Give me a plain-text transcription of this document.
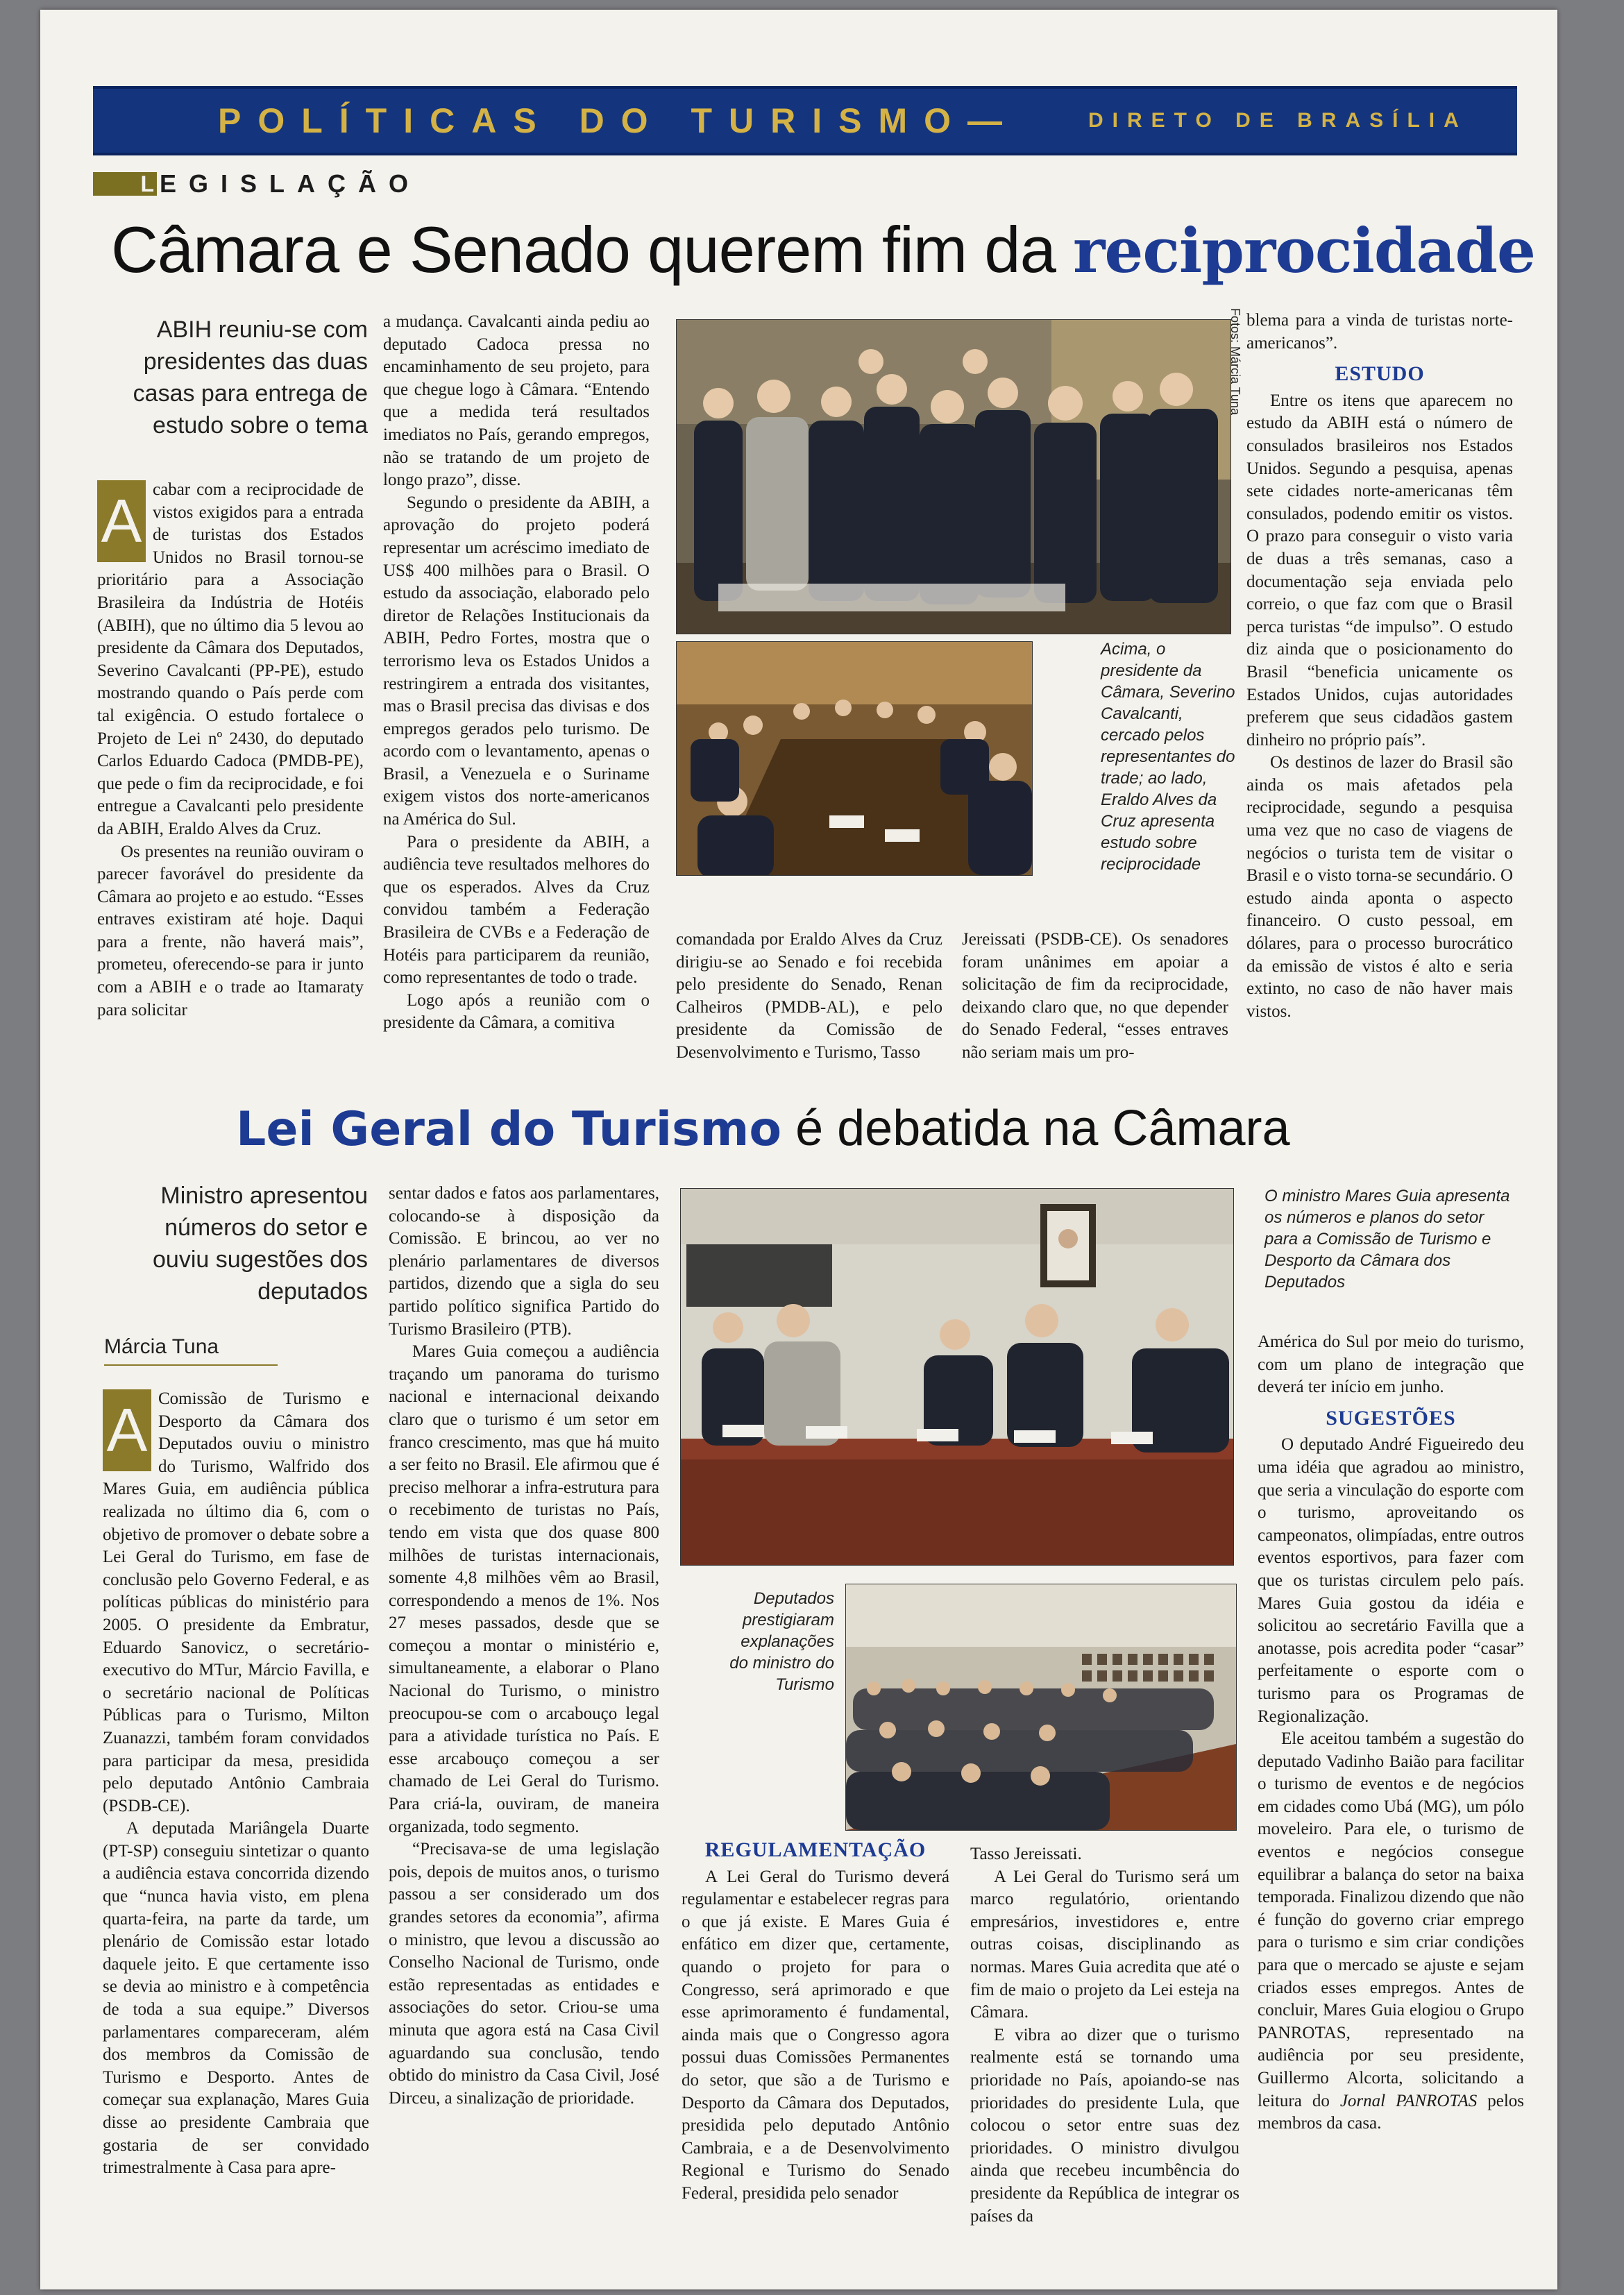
POLÍTICAS DO TURISMO—	DIRETO DE BRASÍLIA
L EGISLAÇÃO
Câmara e Senado querem fim da reciprocidade
ABIH reuniu-se com presidentes das duas casas para entrega de estudo sobre o tema
A cabar com a reciprocidade de vistos exigidos para a entrada de turistas dos Estados Unidos no Brasil tornou-se prioritário para a Associação Brasileira da Indústria de Hotéis (ABIH), que no último dia 5 levou ao presidente da Câmara dos Deputados, Severino Cavalcanti (PP-PE), estudo mostrando quando o País perde com tal exigência. O estudo fortalece o Projeto de Lei nº 2430, do deputado Carlos Eduardo Cadoca (PMDB-PE), que pede o fim da reciprocidade, e foi entregue a Cavalcanti pelo presidente da ABIH, Eraldo Alves da Cruz.

Os presentes na reunião ouviram o parecer favorável do presidente da Câmara ao projeto e ao estudo. “Esses entraves existiram até hoje. Daqui para a frente, não haverá mais”, prometeu, oferecendo-se para ir junto com a ABIH e o trade ao Itamaraty para solicitar

a mudança. Cavalcanti ainda pediu ao deputado Cadoca pressa no encaminhamento de seu projeto, para que chegue logo à Câmara. “Entendo que a medida terá resultados imediatos no País, gerando empregos, não se tratando de um projeto de longo prazo”, disse.

Segundo o presidente da ABIH, a aprovação do projeto poderá representar um acréscimo imediato de US$ 400 milhões para o Brasil. O estudo da associação, elaborado pelo diretor de Relações Institucionais da ABIH, Pedro Fortes, mostra que o terrorismo leva os Estados Unidos a restringirem a entrada dos visitantes, mas o Brasil precisa das divisas e dos empregos gerados pelo turismo. De acordo com o levantamento, apenas o Brasil, a Venezuela e o Suriname exigem vistos dos norte-americanos na América do Sul.

Para o presidente da ABIH, a audiência teve resultados melhores do que os esperados. Alves da Cruz convidou também a Federação Brasileira de CVBs e a Federação de Hotéis para participarem da reunião, como representantes de todo o trade.

Logo após a reunião com o presidente da Câmara, a comitiva

Fotos: Márcia Tuna
Acima, o presidente da Câmara, Severino Cavalcanti, cercado pelos representantes do trade; ao lado, Eraldo Alves da Cruz apresenta estudo sobre reciprocidade

comandada por Eraldo Alves da Cruz dirigiu-se ao Senado e foi recebida pelo presidente do Senado, Renan Calheiros (PMDB-AL), e pelo presidente da Comissão de Desenvolvimento e Turismo, Tasso

Jereissati (PSDB-CE). Os senadores foram unânimes em apoiar a solicitação de fim da reciprocidade, deixando claro que, no que depender do Senado Federal, “esses entraves não seriam mais um pro-

blema para a vinda de turistas norte-americanos”.

ESTUDO

Entre os itens que aparecem no estudo da ABIH está o número de consulados brasileiros nos Estados Unidos. Segundo a pesquisa, apenas sete cidades norte-americanas têm consulados, podendo emitir os vistos. O prazo para conseguir o visto varia de duas a três semanas, caso a documentação seja enviada pelo correio, o que faz com que o Brasil perca turistas “de impulso”. O estudo diz ainda que o posicionamento do Brasil “beneficia unicamente os Estados Unidos, cujas autoridades preferem que seus cidadãos gastem dinheiro no próprio país”.

Os destinos de lazer do Brasil são ainda os mais afetados pela reciprocidade, segundo a pesquisa uma vez que no caso de viagens de negócios o turista tem de visitar o Brasil e o visto torna-se secundário. O estudo ainda aponta o aspecto financeiro. O custo pessoal, em dólares, para o processo burocrático da emissão de vistos é alto e seria extinto, no caso de não haver mais vistos.

Lei Geral do Turismo é debatida na Câmara
Ministro apresentou números do setor e ouviu sugestões dos deputados
Márcia Tuna
A Comissão de Turismo e Desporto da Câmara dos Deputados ouviu o ministro do Turismo, Walfrido dos Mares Guia, em audiência pública realizada no último dia 6, com o objetivo de promover o debate sobre a Lei Geral do Turismo, em fase de conclusão pelo Governo Federal, e as políticas públicas do ministério para 2005. O presidente da Embratur, Eduardo Sanovicz, o secretário-executivo do MTur, Márcio Favilla, e o secretário nacional de Políticas Públicas para o Turismo, Milton Zuanazzi, também foram convidados para participar da mesa, presidida pelo deputado Antônio Cambraia (PSDB-CE).

A deputada Mariângela Duarte (PT-SP) conseguiu sintetizar o quanto a audiência estava concorrida dizendo que “nunca havia visto, em plena quarta-feira, na parte da tarde, um plenário de Comissão estar lotado daquele jeito. E que certamente isso se devia ao ministro e à competência de toda a sua equipe.” Diversos parlamentares compareceram, além dos membros da Comissão de Turismo e Desporto. Antes de começar sua explanação, Mares Guia disse ao presidente Cambraia que gostaria de ser convidado trimestralmente à Casa para apre-

sentar dados e fatos aos parlamentares, colocando-se à disposição da Comissão. E brincou, ao ver no plenário parlamentares de diversos partidos, dizendo que a sigla do seu partido político significa Partido do Turismo Brasileiro (PTB).

Mares Guia começou a audiência traçando um panorama do turismo nacional e internacional deixando claro que o turismo é um setor em franco crescimento, mas que há muito a ser feito no Brasil. Ele afirmou que é preciso melhorar a infra-estrutura para o recebimento de turistas no País, tendo em vista que dos quase 800 milhões de turistas internacionais, somente 4,8 milhões vêm ao Brasil, correspondendo a menos de 1%. Nos 27 meses passados, desde que se começou a montar o ministério e, simultaneamente, a elaborar o Plano Nacional do Turismo, o ministro preocupou-se com o arcabouço legal para a atividade turística no País. E esse arcabouço começou a ser chamado de Lei Geral do Turismo. Para criá-la, ouviram, de maneira organizada, todo segmento.

“Precisava-se de uma legislação pois, depois de muitos anos, o turismo passou a ser considerado um dos grandes setores da economia”, afirma o ministro, que levou a discussão ao Conselho Nacional de Turismo, onde estão representadas as entidades e associações do setor. Criou-se uma minuta que agora está na Casa Civil aguardando sua conclusão, tendo obtido do ministro da Casa Civil, José Dirceu, a sinalização de prioridade.

O ministro Mares Guia apresenta os números e planos do setor para a Comissão de Turismo e Desporto da Câmara dos Deputados
Deputados prestigiaram explanações do ministro do Turismo
REGULAMENTAÇÃO

A Lei Geral do Turismo deverá regulamentar e estabelecer regras para o que já existe. E Mares Guia é enfático em dizer que, certamente, quando o projeto for para o Congresso, será aprimorado e que esse aprimoramento é fundamental, ainda mais que o Congresso agora possui duas Comissões Permanentes do setor, que são a de Turismo e Desporto da Câmara dos Deputados, presidida pelo deputado Antônio Cambraia, e a de Desenvolvimento Regional e Turismo do Senado Federal, presidida pelo senador

Tasso Jereissati.

A Lei Geral do Turismo será um marco regulatório, orientando empresários, investidores e, entre outras coisas, disciplinando as normas. Mares Guia acredita que até o fim de maio o projeto da Lei esteja na Câmara.

E vibra ao dizer que o turismo realmente está se tornando uma prioridade no País, apoiando-se nas prioridades do presidente Lula, que colocou o setor entre suas dez prioridades. O ministro divulgou ainda que recebeu incumbência do presidente da República de integrar os países da

América do Sul por meio do turismo, com um plano de integração que deverá ter início em junho.

SUGESTÕES

O deputado André Figueiredo deu uma idéia que agradou ao ministro, que seria a vinculação do esporte com o turismo, aproveitando os campeonatos, olimpíadas, entre outros eventos esportivos, para fazer com que os turistas circulem pelo país. Mares Guia gostou da idéia e solicitou ao secretário Favilla que a anotasse, pois acredita poder “casar” perfeitamente o esporte com o turismo para os Programas de Regionalização.

Ele aceitou também a sugestão do deputado Vadinho Baião para facilitar o turismo de eventos e de negócios em cidades como Ubá (MG), um pólo moveleiro. Para ele, o turismo de eventos e negócios consegue equilibrar a balança do setor na baixa temporada. Finalizou dizendo que não é função do governo criar emprego para o turismo e sim criar condições para que o mercado se ajuste e sejam criados esses empregos. Antes de concluir, Mares Guia elogiou o Grupo PANROTAS, representado na audiência por seu presidente, Guillermo Alcorta, solicitando a leitura do Jornal PANROTAS pelos membros da casa.
